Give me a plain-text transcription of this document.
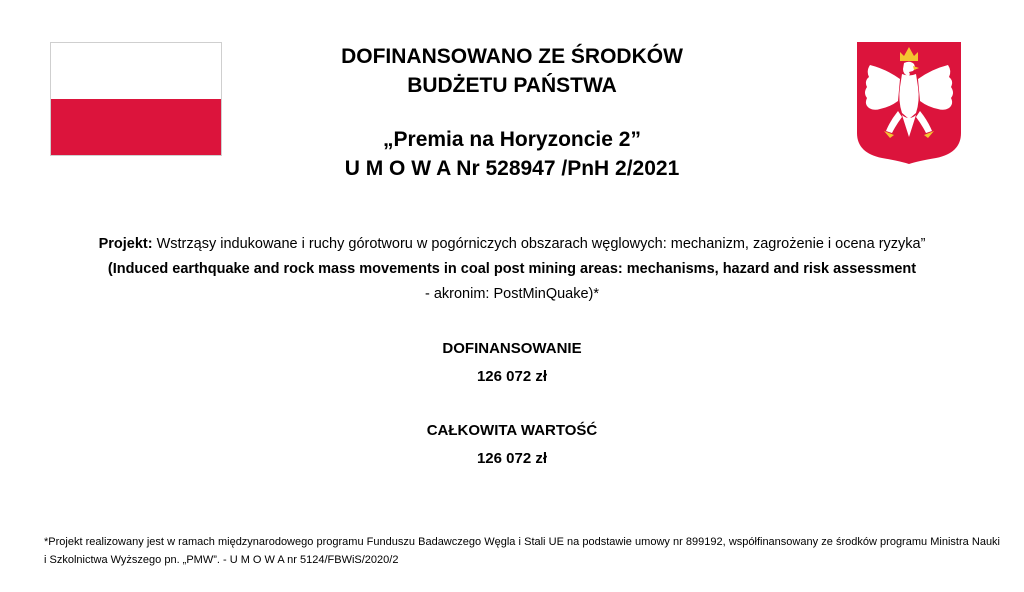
DOFINANSOWANO ZE ŚRODKÓW
BUDŻETU PAŃSTWA
„Premia na Horyzoncie 2”
U M O W A Nr 528947 /PnH 2/2021
Projekt: Wstrząsy indukowane i ruchy górotworu w pogórniczych obszarach węglowych: mechanizm, zagrożenie i ocena ryzyka”
(Induced earthquake and rock mass movements in coal post mining areas: mechanisms, hazard and risk assessment
- akronim: PostMinQuake)*
DOFINANSOWANIE
126 072 zł
CAŁKOWITA WARTOŚĆ
126 072 zł
*Projekt realizowany jest w ramach międzynarodowego programu Funduszu Badawczego Węgla i Stali UE na podstawie umowy nr 899192, współfinansowany ze środków programu Ministra Nauki i Szkolnictwa Wyższego pn. „PMW”. - U M O W A nr 5124/FBWiS/2020/2
